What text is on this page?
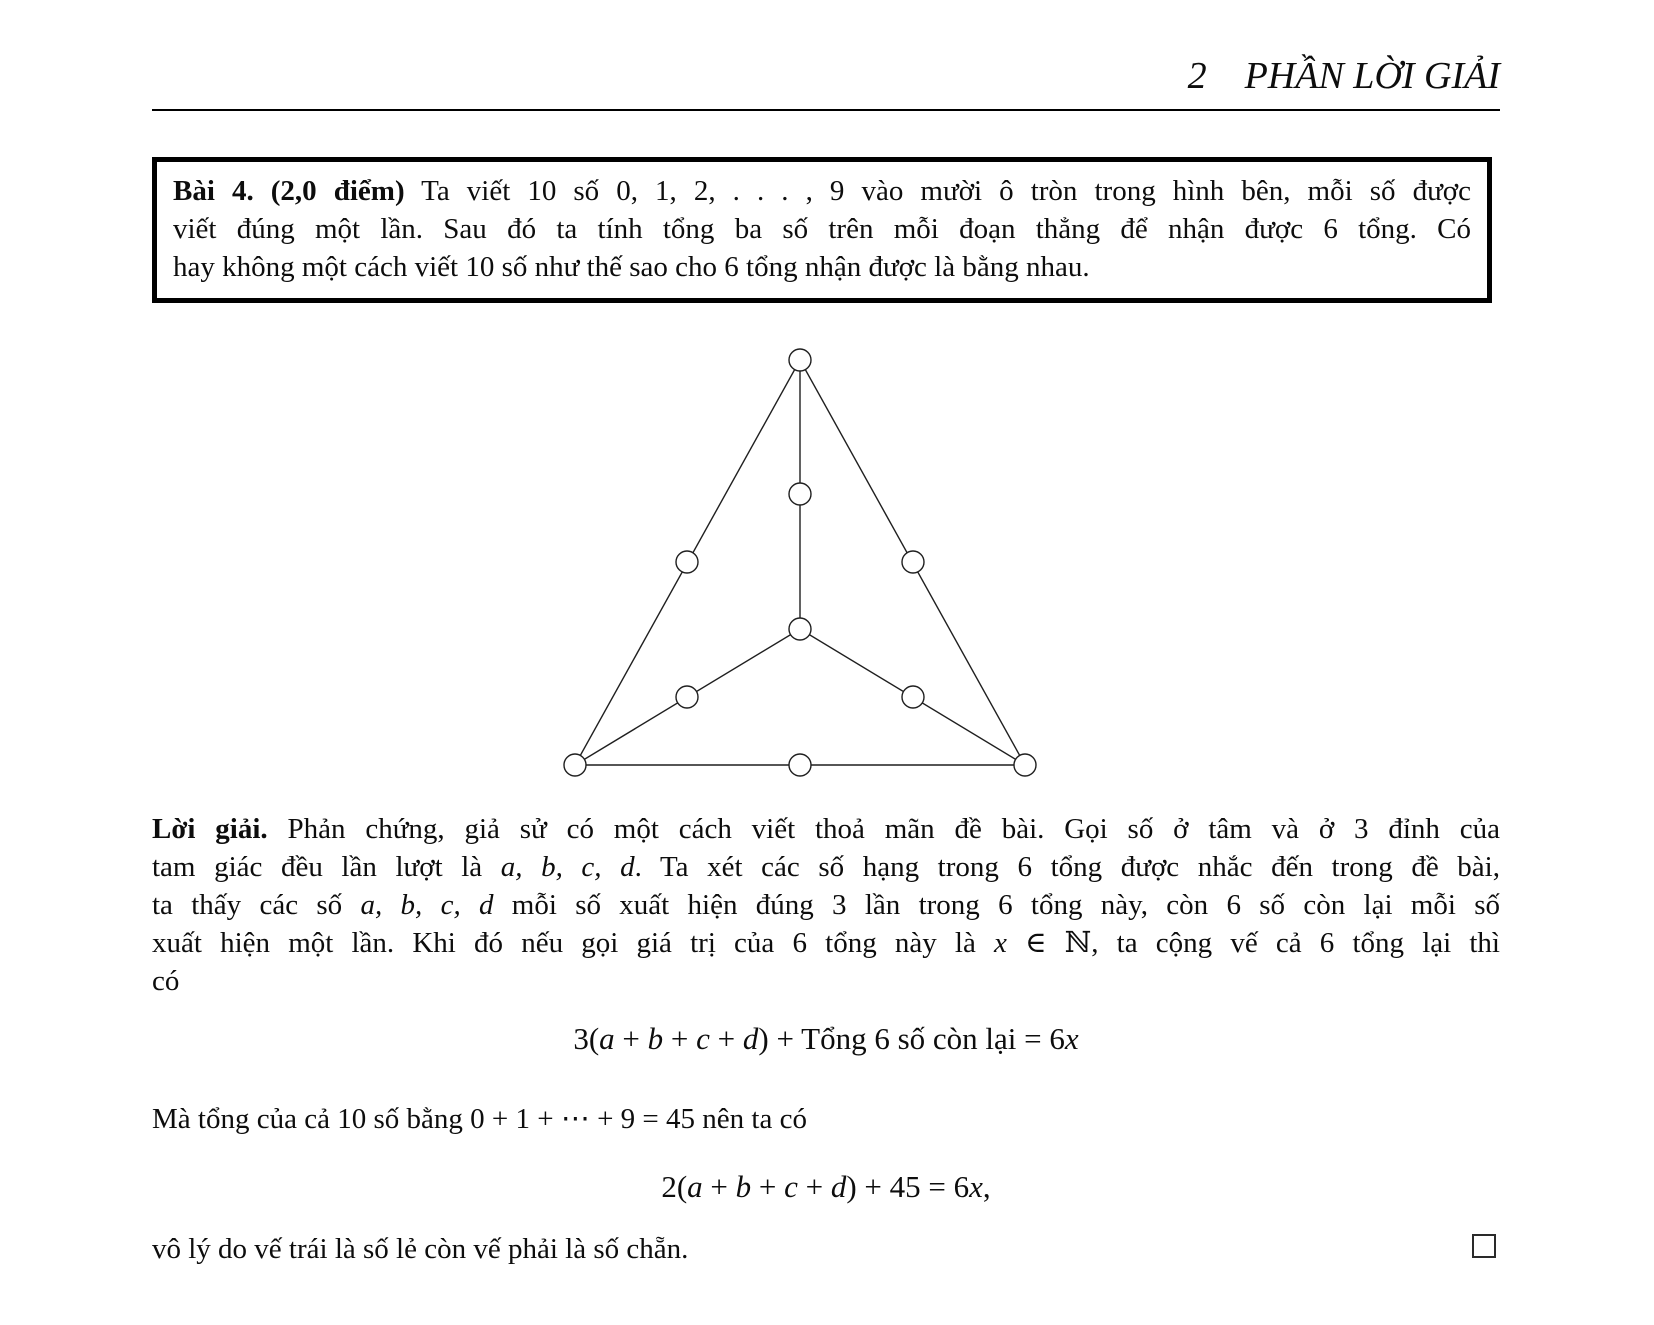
2 PHẦN LỜI GIẢI
Bài 4. (2,0 điểm) Ta viết 10 số 0, 1, 2, . . . , 9 vào mười ô tròn trong hình bên, mỗi số được
viết đúng một lần. Sau đó ta tính tổng ba số trên mỗi đoạn thẳng để nhận được 6 tổng. Có
hay không một cách viết 10 số như thế sao cho 6 tổng nhận được là bằng nhau.
Lời giải. Phản chứng, giả sử có một cách viết thoả mãn đề bài. Gọi số ở tâm và ở 3 đỉnh của
tam giác đều lần lượt là a, b, c, d. Ta xét các số hạng trong 6 tổng được nhắc đến trong đề bài,
ta thấy các số a, b, c, d mỗi số xuất hiện đúng 3 lần trong 6 tổng này, còn 6 số còn lại mỗi số
xuất hiện một lần. Khi đó nếu gọi giá trị của 6 tổng này là x ∈ ℕ, ta cộng vế cả 6 tổng lại thì
có
3(a + b + c + d) + Tổng 6 số còn lại = 6x
Mà tổng của cả 10 số bằng 0 + 1 + ⋯ + 9 = 45 nên ta có
2(a + b + c + d) + 45 = 6x,
vô lý do vế trái là số lẻ còn vế phải là số chẵn.
